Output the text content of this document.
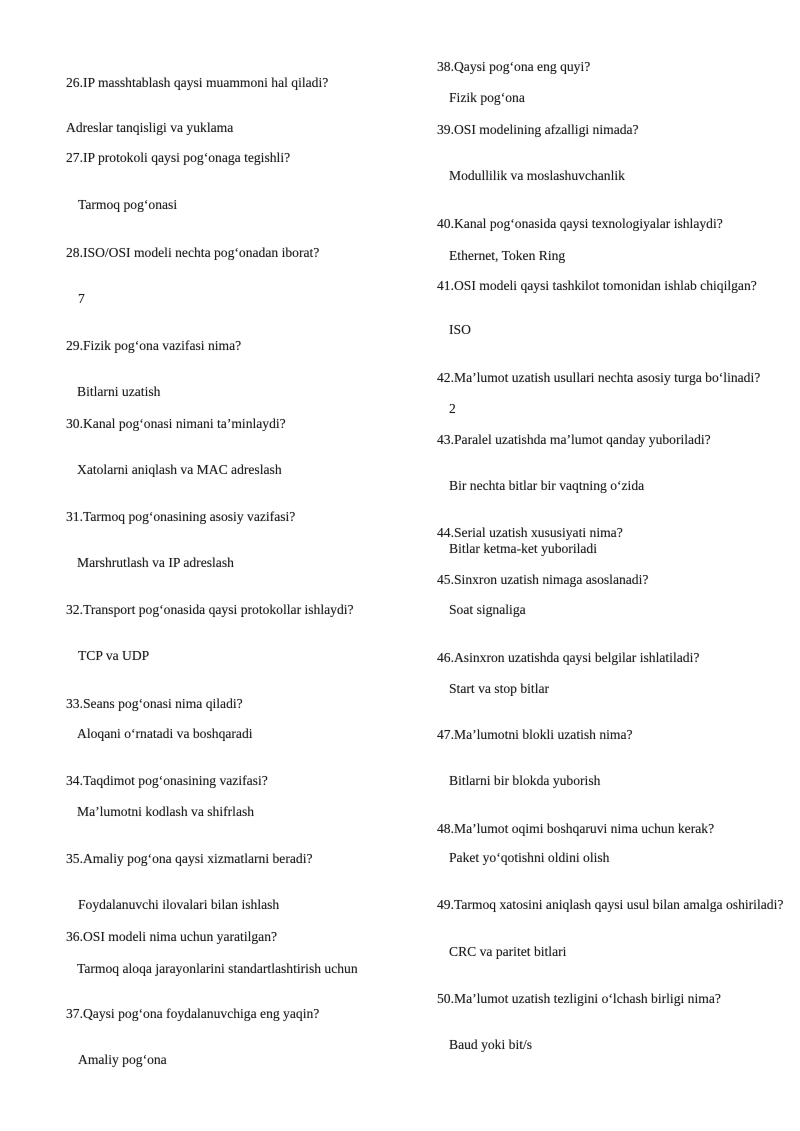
26.IP masshtablash qaysi muammoni hal qiladi?
Adreslar tanqisligi va yuklama
27.IP protokoli qaysi pog‘onaga tegishli?
Tarmoq pog‘onasi
28.ISO/OSI modeli nechta pog‘onadan iborat?
7
29.Fizik pog‘ona vazifasi nima?
Bitlarni uzatish
30.Kanal pog‘onasi nimani ta’minlaydi?
Xatolarni aniqlash va MAC adreslash
31.Tarmoq pog‘onasining asosiy vazifasi?
Marshrutlash va IP adreslash
32.Transport pog‘onasida qaysi protokollar ishlaydi?
TCP va UDP
33.Seans pog‘onasi nima qiladi?
Aloqani o‘rnatadi va boshqaradi
34.Taqdimot pog‘onasining vazifasi?
Ma’lumotni kodlash va shifrlash
35.Amaliy pog‘ona qaysi xizmatlarni beradi?
Foydalanuvchi ilovalari bilan ishlash
36.OSI modeli nima uchun yaratilgan?
Tarmoq aloqa jarayonlarini standartlashtirish uchun
37.Qaysi pog‘ona foydalanuvchiga eng yaqin?
Amaliy pog‘ona
38.Qaysi pog‘ona eng quyi?
Fizik pog‘ona
39.OSI modelining afzalligi nimada?
Modullilik va moslashuvchanlik
40.Kanal pog‘onasida qaysi texnologiyalar ishlaydi?
Ethernet, Token Ring
41.OSI modeli qaysi tashkilot tomonidan ishlab chiqilgan?
ISO
42.Ma’lumot uzatish usullari nechta asosiy turga bo‘linadi?
2
43.Paralel uzatishda ma’lumot qanday yuboriladi?
Bir nechta bitlar bir vaqtning o‘zida
44.Serial uzatish xususiyati nima?
Bitlar ketma-ket yuboriladi
45.Sinxron uzatish nimaga asoslanadi?
Soat signaliga
46.Asinxron uzatishda qaysi belgilar ishlatiladi?
Start va stop bitlar
47.Ma’lumotni blokli uzatish nima?
Bitlarni bir blokda yuborish
48.Ma’lumot oqimi boshqaruvi nima uchun kerak?
Paket yo‘qotishni oldini olish
49.Tarmoq xatosini aniqlash qaysi usul bilan amalga oshiriladi?
CRC va paritet bitlari
50.Ma’lumot uzatish tezligini o‘lchash birligi nima?
Baud yoki bit/s
